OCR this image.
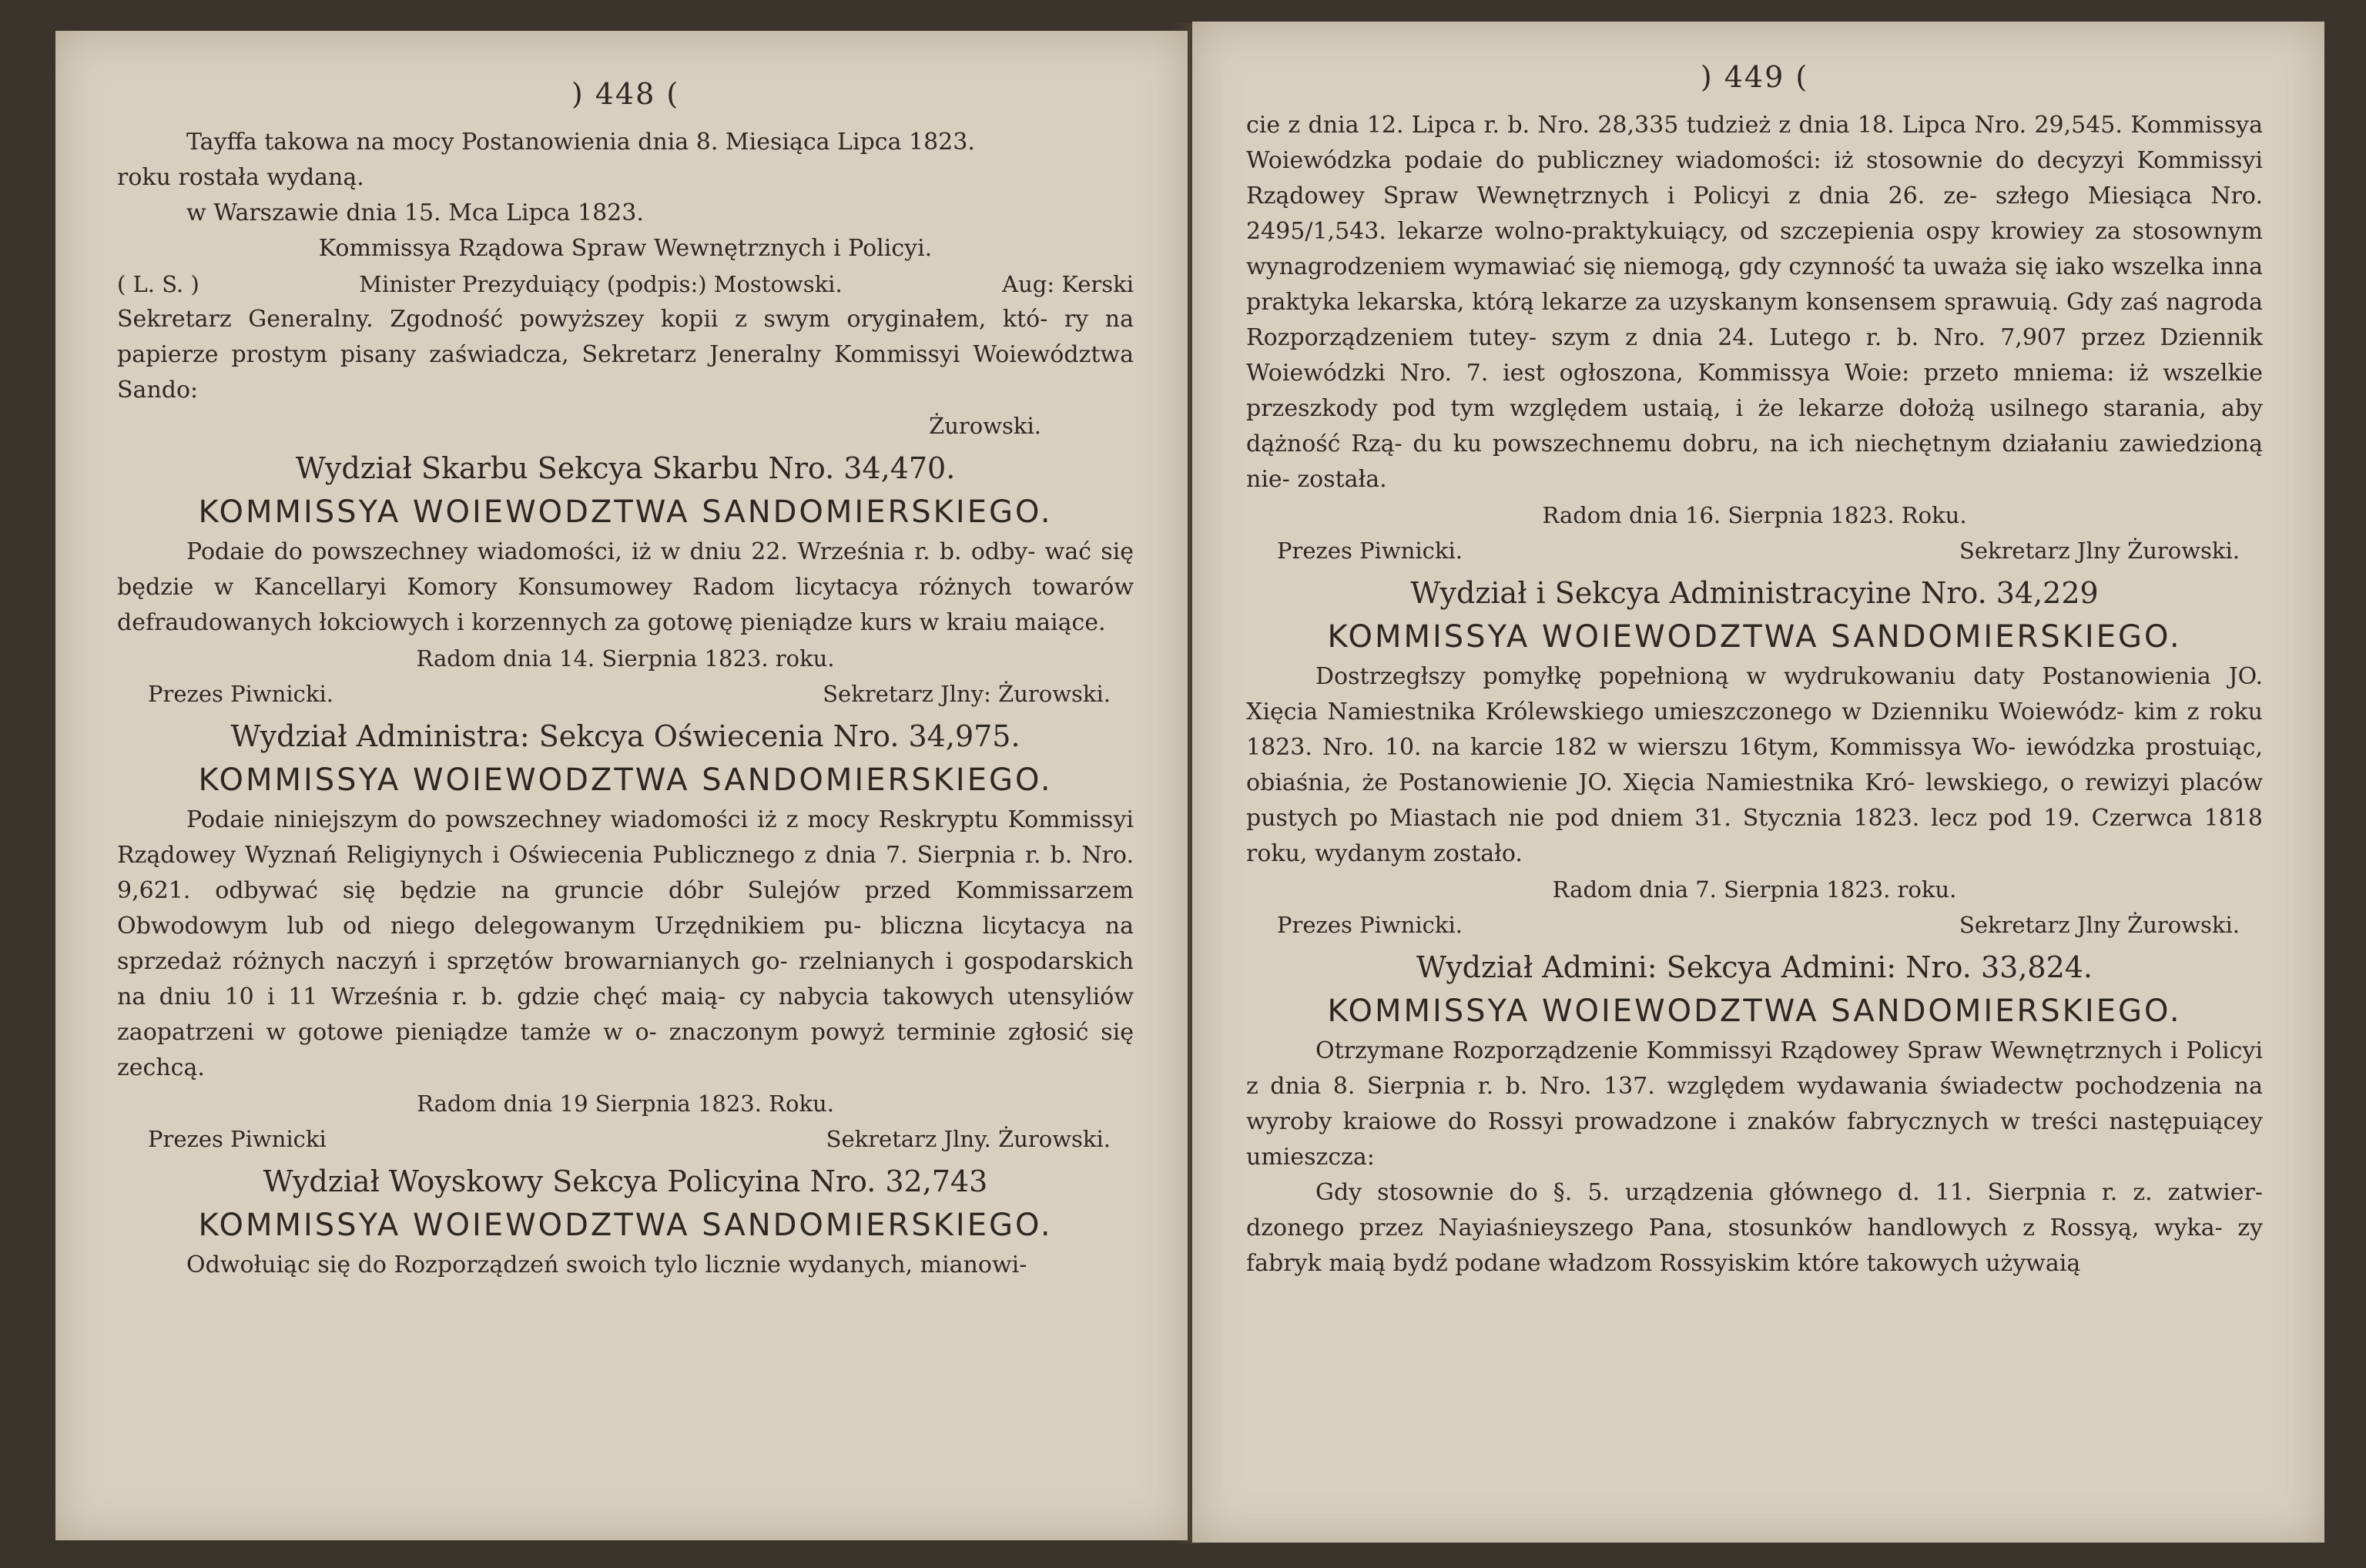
) 448 (

Tayffa takowa na mocy Postanowienia dnia 8. Miesiąca Lipca 1823.

roku rostała wydaną.

w Warszawie dnia 15. Mca Lipca 1823.

Kommissya Rządowa Spraw Wewnętrznych i Policyi.

( L. S. )	Minister Prezyduiący (podpis:) Mostowski.	Aug: Kerski

Sekretarz Generalny. Zgodność powyższey kopii z swym oryginałem, któ- ry na papierze prostym pisany zaświadcza, Sekretarz Jeneralny Kommissyi Woiewództwa Sando:

Żurowski.
Wydział Skarbu Sekcya Skarbu Nro. 34,470.
KOMMISSYA WOIEWODZTWA SANDOMIERSKIEGO.

Podaie do powszechney wiadomości, iż w dniu 22. Września r. b. odby- wać się będzie w Kancellaryi Komory Konsumowey Radom licytacya różnych towarów defraudowanych łokciowych i korzennych za gotowę pieniądze kurs w kraiu maiące.

Radom dnia 14. Sierpnia 1823. roku.
Prezes Piwnicki.	Sekretarz Jlny: Żurowski.
Wydział Administra: Sekcya Oświecenia Nro. 34,975.
KOMMISSYA WOIEWODZTWA SANDOMIERSKIEGO.

Podaie niniejszym do powszechney wiadomości iż z mocy Reskryptu Kommissyi Rządowey Wyznań Religiynych i Oświecenia Publicznego z dnia 7. Sierpnia r. b. Nro. 9,621. odbywać się będzie na gruncie dóbr Sulejów przed Kommissarzem Obwodowym lub od niego delegowanym Urzędnikiem pu- bliczna licytacya na sprzedaż różnych naczyń i sprzętów browarnianych go- rzelnianych i gospodarskich na dniu 10 i 11 Września r. b. gdzie chęć maią- cy nabycia takowych utensyliów zaopatrzeni w gotowe pieniądze tamże w o- znaczonym powyż terminie zgłosić się zechcą.

Radom dnia 19 Sierpnia 1823. Roku.
Prezes Piwnicki	Sekretarz Jlny. Żurowski.
Wydział Woyskowy Sekcya Policyina Nro. 32,743
KOMMISSYA WOIEWODZTWA SANDOMIERSKIEGO.

Odwołuiąc się do Rozporządzeń swoich tylo licznie wydanych, mianowi-

) 449 (

cie z dnia 12. Lipca r. b. Nro. 28,335 tudzież z dnia 18. Lipca Nro. 29,545. Kommissya Woiewódzka podaie do publiczney wiadomości: iż stosownie do decyzyi Kommissyi Rządowey Spraw Wewnętrznych i Policyi z dnia 26. ze- szłego Miesiąca Nro. 2495/1,543. lekarze wolno-praktykuiący, od szczepienia ospy krowiey za stosownym wynagrodzeniem wymawiać się niemogą, gdy czynność ta uważa się iako wszelka inna praktyka lekarska, którą lekarze za uzyskanym konsensem sprawuią. Gdy zaś nagroda Rozporządzeniem tutey- szym z dnia 24. Lutego r. b. Nro. 7,907 przez Dziennik Woiewódzki Nro. 7. iest ogłoszona, Kommissya Woie: przeto mniema: iż wszelkie przeszkody pod tym względem ustaią, i że lekarze dołożą usilnego starania, aby dążność Rzą- du ku powszechnemu dobru, na ich niechętnym działaniu zawiedzioną nie- została.

Radom dnia 16. Sierpnia 1823. Roku.
Prezes Piwnicki.	Sekretarz Jlny Żurowski.
Wydział i Sekcya Administracyine Nro. 34,229
KOMMISSYA WOIEWODZTWA SANDOMIERSKIEGO.

Dostrzegłszy pomyłkę popełnioną w wydrukowaniu daty Postanowienia JO. Xięcia Namiestnika Królewskiego umieszczonego w Dzienniku Woiewódz- kim z roku 1823. Nro. 10. na karcie 182 w wierszu 16tym, Kommissya Wo- iewódzka prostuiąc, obiaśnia, że Postanowienie JO. Xięcia Namiestnika Kró- lewskiego, o rewizyi placów pustych po Miastach nie pod dniem 31. Stycznia 1823. lecz pod 19. Czerwca 1818 roku, wydanym zostało.

Radom dnia 7. Sierpnia 1823. roku.
Prezes Piwnicki.	Sekretarz Jlny Żurowski.
Wydział Admini: Sekcya Admini: Nro. 33,824.
KOMMISSYA WOIEWODZTWA SANDOMIERSKIEGO.

Otrzymane Rozporządzenie Kommissyi Rządowey Spraw Wewnętrznych i Policyi z dnia 8. Sierpnia r. b. Nro. 137. względem wydawania świadectw pochodzenia na wyroby kraiowe do Rossyi prowadzone i znaków fabrycznych w treści następuiącey umieszcza:

Gdy stosownie do §. 5. urządzenia głównego d. 11. Sierpnia r. z. zatwier- dzonego przez Nayiaśnieyszego Pana, stosunków handlowych z Rossyą, wyka- zy fabryk maią bydź podane władzom Rossyiskim które takowych używaią
